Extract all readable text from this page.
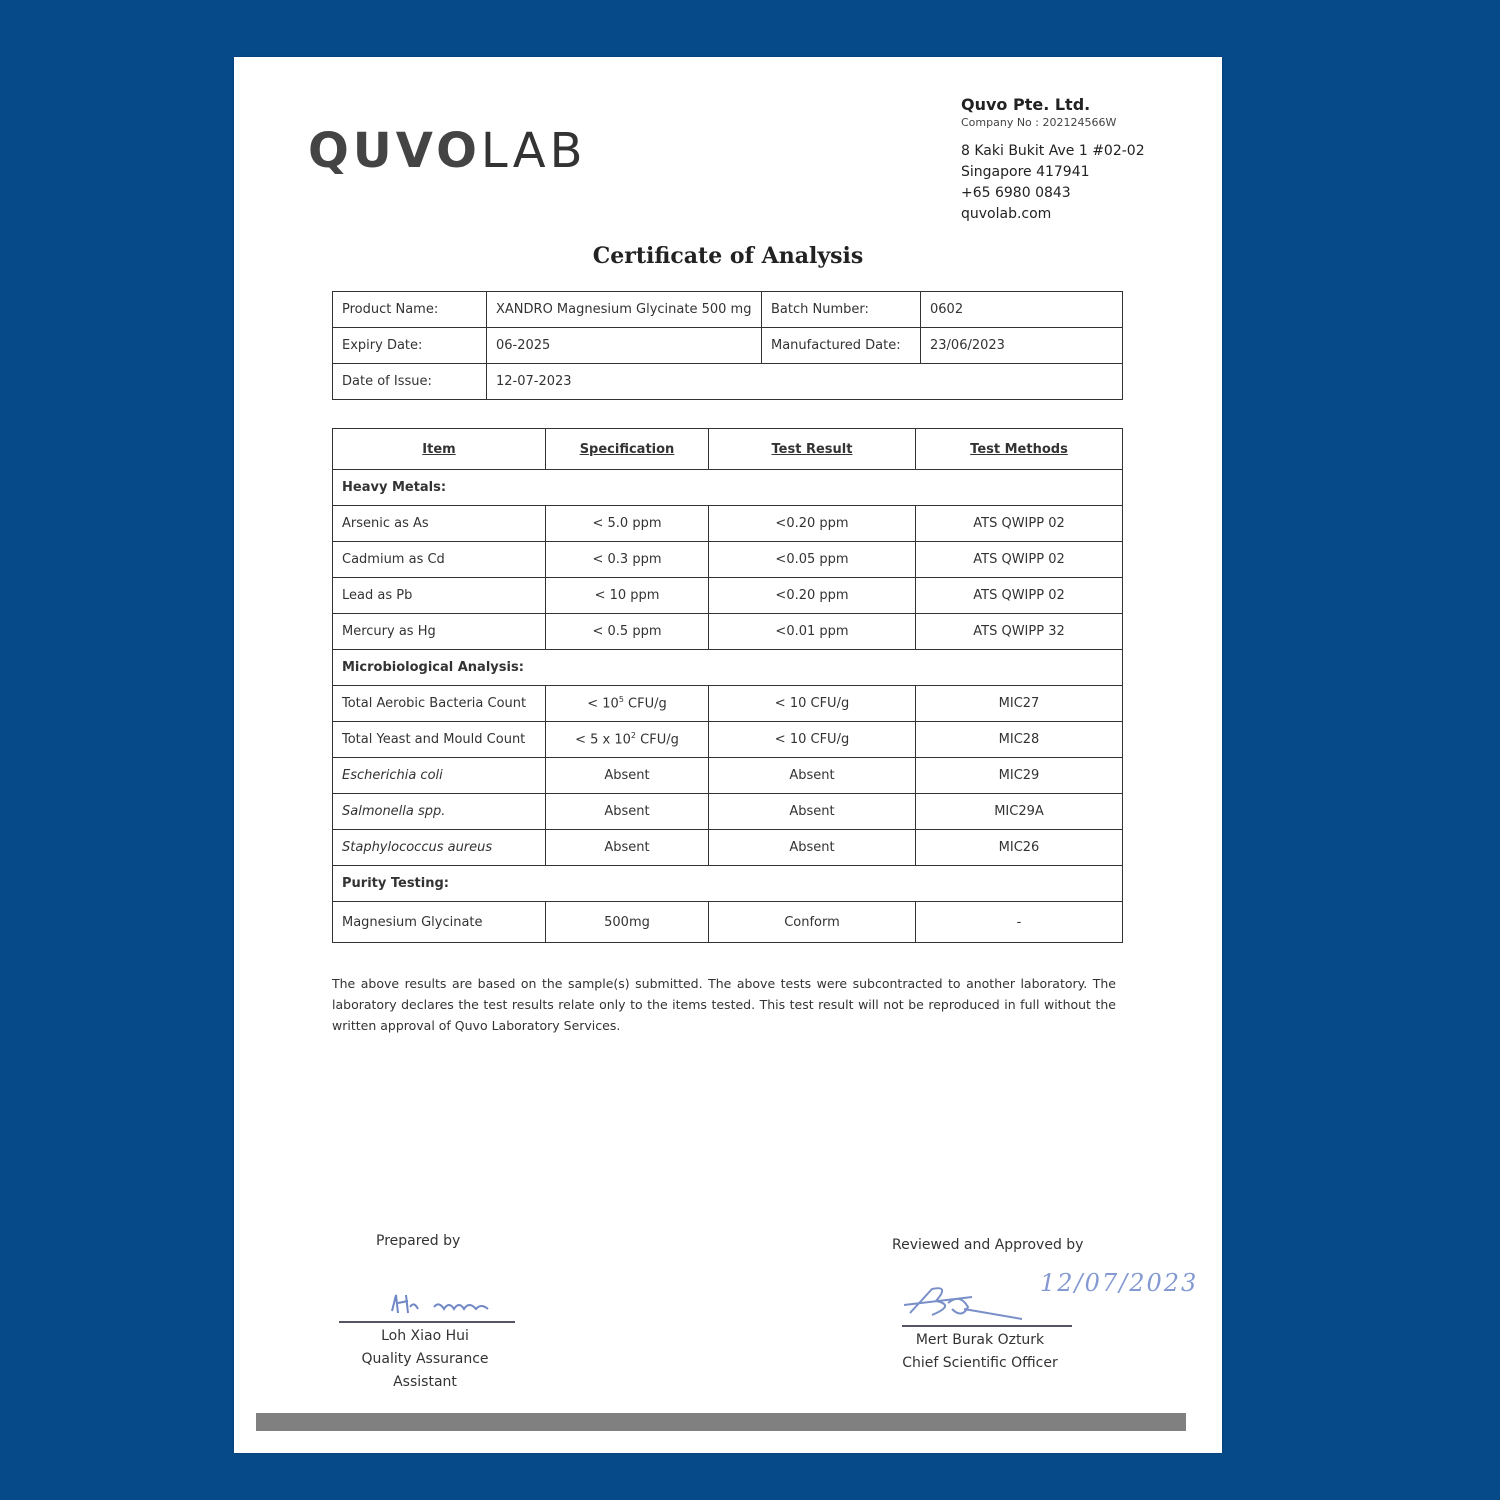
QUVOLAB

Quvo Pte. Ltd.

Company No : 202124566W

8 Kaki Bukit Ave 1 #02-02

Singapore 417941

+65 6980 0843

quvolab.com

Certificate of Analysis
Product Name:	XANDRO Magnesium Glycinate 500 mg	Batch Number:	0602
Expiry Date:	06-2025	Manufactured Date:	23/06/2023
Date of Issue:	12-07-2023		
Item	Specification	Test Result	Test Methods
Heavy Metals:			
Arsenic as As	< 5.0 ppm	<0.20 ppm	ATS QWIPP 02
Cadmium as Cd	< 0.3 ppm	<0.05 ppm	ATS QWIPP 02
Lead as Pb	< 10 ppm	<0.20 ppm	ATS QWIPP 02
Mercury as Hg	< 0.5 ppm	<0.01 ppm	ATS QWIPP 32
Microbiological Analysis:			
Total Aerobic Bacteria Count	< $10^5$ CFU/g	< 10 CFU/g	MIC27
Total Yeast and Mould Count	< 5 x $10^2$ CFU/g	< 10 CFU/g	MIC28
Escherichia coli	Absent	Absent	MIC29
Salmonella spp.	Absent	Absent	MIC29A
Staphylococcus aureus	Absent	Absent	MIC26
Purity Testing:			
Magnesium Glycinate	500mg	Conform	-
The above results are based on the sample(s) submitted. The above tests were subcontracted to another laboratory. The laboratory declares the test results relate only to the items tested. This test result will not be reproduced in full without the written approval of Quvo Laboratory Services.
Prepared by
Loh Xiao Hui
Quality Assurance Assistant
Reviewed and Approved by
12/07/2023
Mert Burak Ozturk
Chief Scientific Officer
